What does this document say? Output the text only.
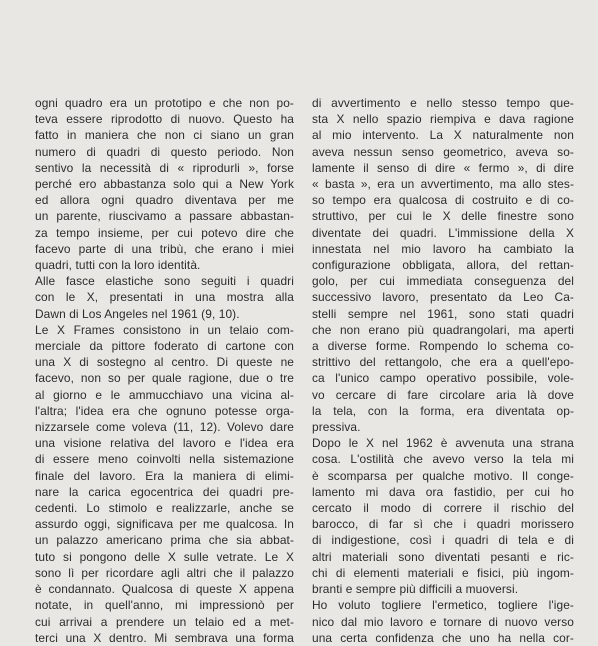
ogni quadro era un prototipo e che non po-
tevа essere riprodotto di nuovo. Questo ha
fatto in maniera che non ci siano un gran
numero di quadri di questo periodo. Non
sentivo la necessità di « riprodurli », forse
perché ero abbastanza solo qui a New York
ed allora ogni quadro diventava per me
un parente, riuscivamo a passare abbastan-
za tempo insieme, per cui potevo dire che
facevo parte di una tribù, che erano i miei
quadri, tutti con la loro identità.
Alle fasce elastiche sono seguiti i quadri
con le X, presentati in una mostra alla
Dawn di Los Angeles nel 1961 (9, 10).
Le X Frames consistono in un telaio com-
merciale da pittore foderato di cartone con
una X di sostegno al centro. Di queste ne
facevo, non so per quale ragione, due o tre
al giorno e le ammucchiavo una vicina al-
l'altra; l'idea era che ognuno potesse orga-
nizzarsele come voleva (11, 12). Volevo dare
una visione relativa del lavoro e l'idea era
di essere meno coinvolti nella sistemazione
finale del lavoro. Era la maniera di elimi-
nare la carica egocentrica dei quadri pre-
cedenti. Lo stimolo e realizzarle, anche se
assurdo oggi, significava per me qualcosa. In
un palazzo americano prima che sia abbat-
tuto si pongono delle X sulle vetrate. Le X
sono lì per ricordare agli altri che il palazzo
è condannato. Qualcosa di queste X appena
notate, in quell'anno, mi impressionò per
cui arrivai a prendere un telaio ed a met-
terci una X dentro. Mi sembrava una forma
di avvertimento e nello stesso tempo que-
sta X nello spazio riempiva e dava ragione
al mio intervento. La X naturalmente non
aveva nessun senso geometrico, aveva so-
lamente il senso di dire « fermo », di dire
« basta », era un avvertimento, ma allo stes-
so tempo era qualcosa di costruito e di co-
struttivo, per cui le X delle finestre sono
diventate dei quadri. L'immissione della X
innestata nel mio lavoro ha cambiato la
configurazione obbligata, allora, del rettan-
golo, per cui immediata conseguenza del
successivo lavoro, presentato da Leo Ca-
stelli sempre nel 1961, sono stati quadri
che non erano più quadrangolari, ma aperti
a diverse forme. Rompendo lo schema co-
strittivo del rettangolo, che era a quell'epo-
ca l'unico campo operativo possibile, vole-
vo cercare di fare circolare aria là dove
la tela, con la forma, era diventata op-
pressiva.
Dopo le X nel 1962 è avvenuta una strana
cosa. L'ostilità che avevo verso la tela mi
è scomparsa per qualche motivo. Il conge-
lamento mi dava ora fastidio, per cui ho
cercato il modo di correre il rischio del
barocco, di far sì che i quadri morissero
di indigestione, così i quadri di tela e di
altri materiali sono diventati pesanti e ric-
chi di elementi materiali e fisici, più ingom-
branti e sempre più difficili a muoversi.
Ho voluto togliere l'ermetico, togliere l'ige-
nico dal mio lavoro e tornare di nuovo verso
una certa confidenza che uno ha nella cor-
